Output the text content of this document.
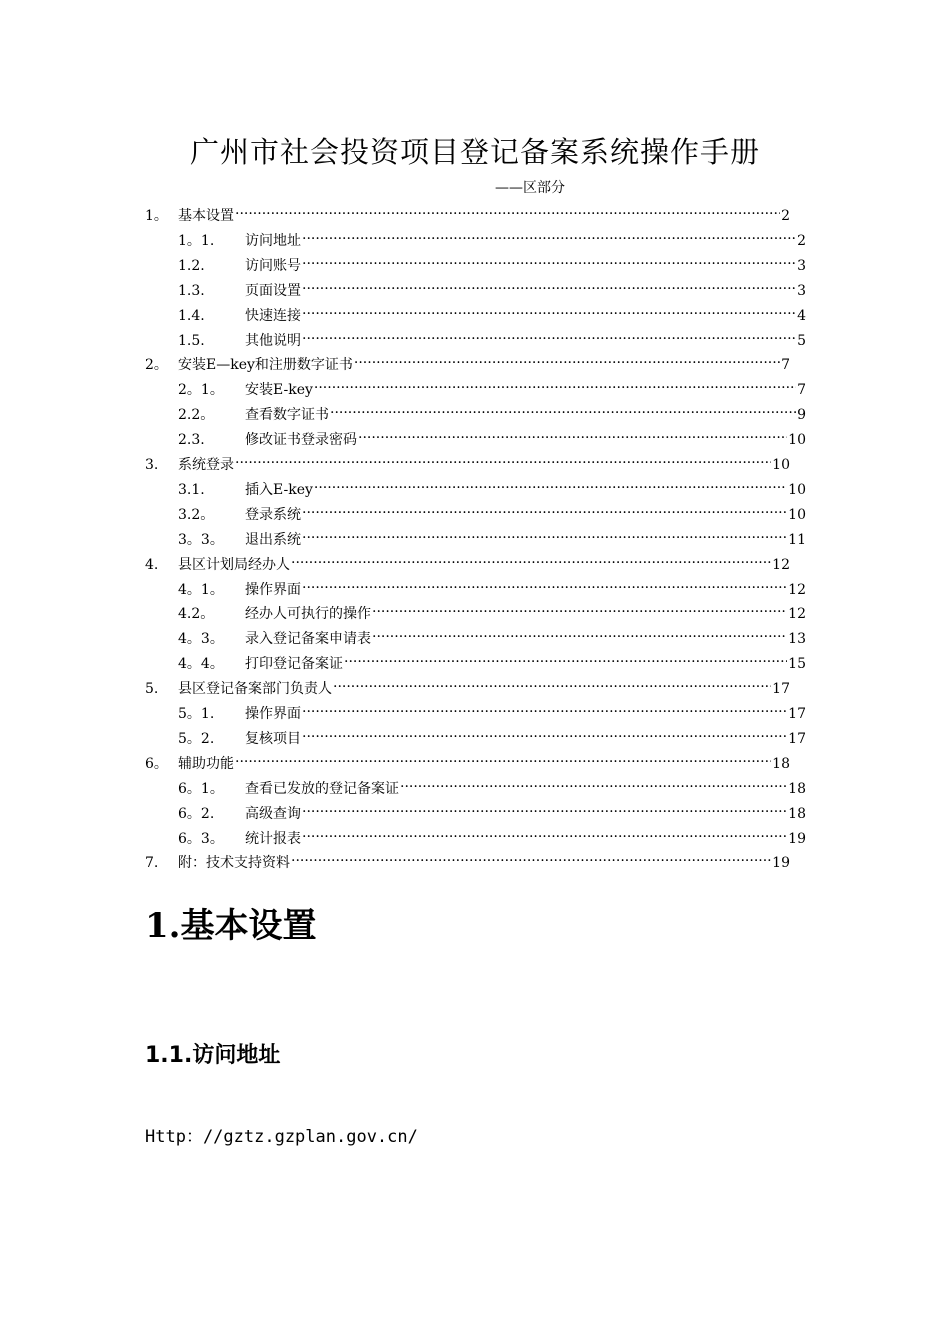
广州市社会投资项目登记备案系统操作手册
——区部分
1。 基本设置 .....	2
1。1.	访问地址 .....	2
1.2.	访问账号 .....	3
1.3.	页面设置 .....	3
1.4.	快速连接 .....	4
1.5.	其他说明 .....	5
2。 安装E—key和注册数字证书 .....	7
2。1。	安装E-key .....	7
2.2。	查看数字证书 .....	9
2.3.	修改证书登录密码 .....	10
3.	系统登录 .....	10
3.1.	插入E-key .....	10
3.2。	登录系统 .....	10
3。3。	退出系统 .....	11
4.	县区计划局经办人 .....	12
4。1。	操作界面 .....	12
4.2。	经办人可执行的操作 .....	12
4。3。	录入登记备案申请表 .....	13
4。4。	打印登记备案证 .....	15
5.	县区登记备案部门负责人 .....	17
5。1.	操作界面 .....	17
5。2.	复核项目 .....	17
6。 辅助功能 .....	18
6。1。	查看已发放的登记备案证 .....	18
6。2.	高级查询 .....	18
6。3。	统计报表 .....	19
7.	附：技术支持资料 .....	19
1.基本设置
1.1.访问地址
Http：//gztz.gzplan.gov.cn/
